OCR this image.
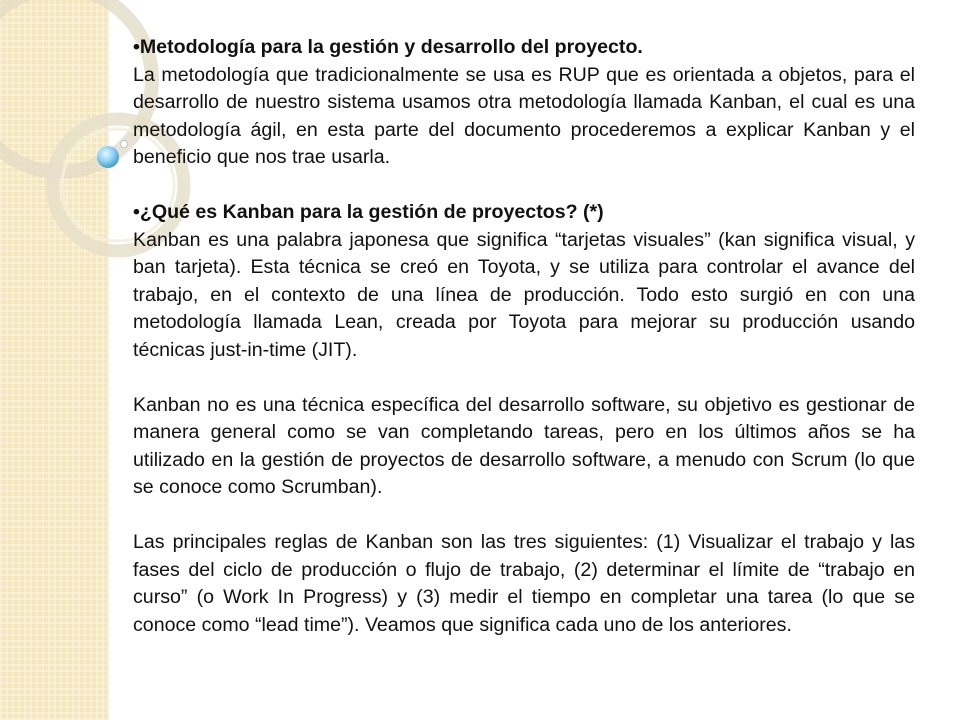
•Metodología para la gestión y desarrollo del proyecto.

La metodología que tradicionalmente se usa es RUP que es orientada a objetos, para el desarrollo de nuestro sistema usamos otra metodología llamada Kanban, el cual es una metodología ágil, en esta parte del documento procederemos a explicar Kanban y el beneficio que nos trae usarla.

•¿Qué es Kanban para la gestión de proyectos? (*)

Kanban es una palabra japonesa que significa “tarjetas visuales” (kan significa visual, y ban tarjeta). Esta técnica se creó en Toyota, y se utiliza para controlar el avance del trabajo, en el contexto de una línea de producción. Todo esto surgió en con una metodología llamada Lean, creada por Toyota para mejorar su producción usando técnicas just-in-time (JIT).

Kanban no es una técnica específica del desarrollo software, su objetivo es gestionar de manera general como se van completando tareas, pero en los últimos años se ha utilizado en la gestión de proyectos de desarrollo software, a menudo con Scrum (lo que se conoce como Scrumban).

Las principales reglas de Kanban son las tres siguientes: (1) Visualizar el trabajo y las fases del ciclo de producción o flujo de trabajo, (2) determinar el límite de “trabajo en curso” (o Work In Progress) y (3) medir el tiempo en completar una tarea (lo que se conoce como “lead time”). Veamos que significa cada uno de los anteriores.
